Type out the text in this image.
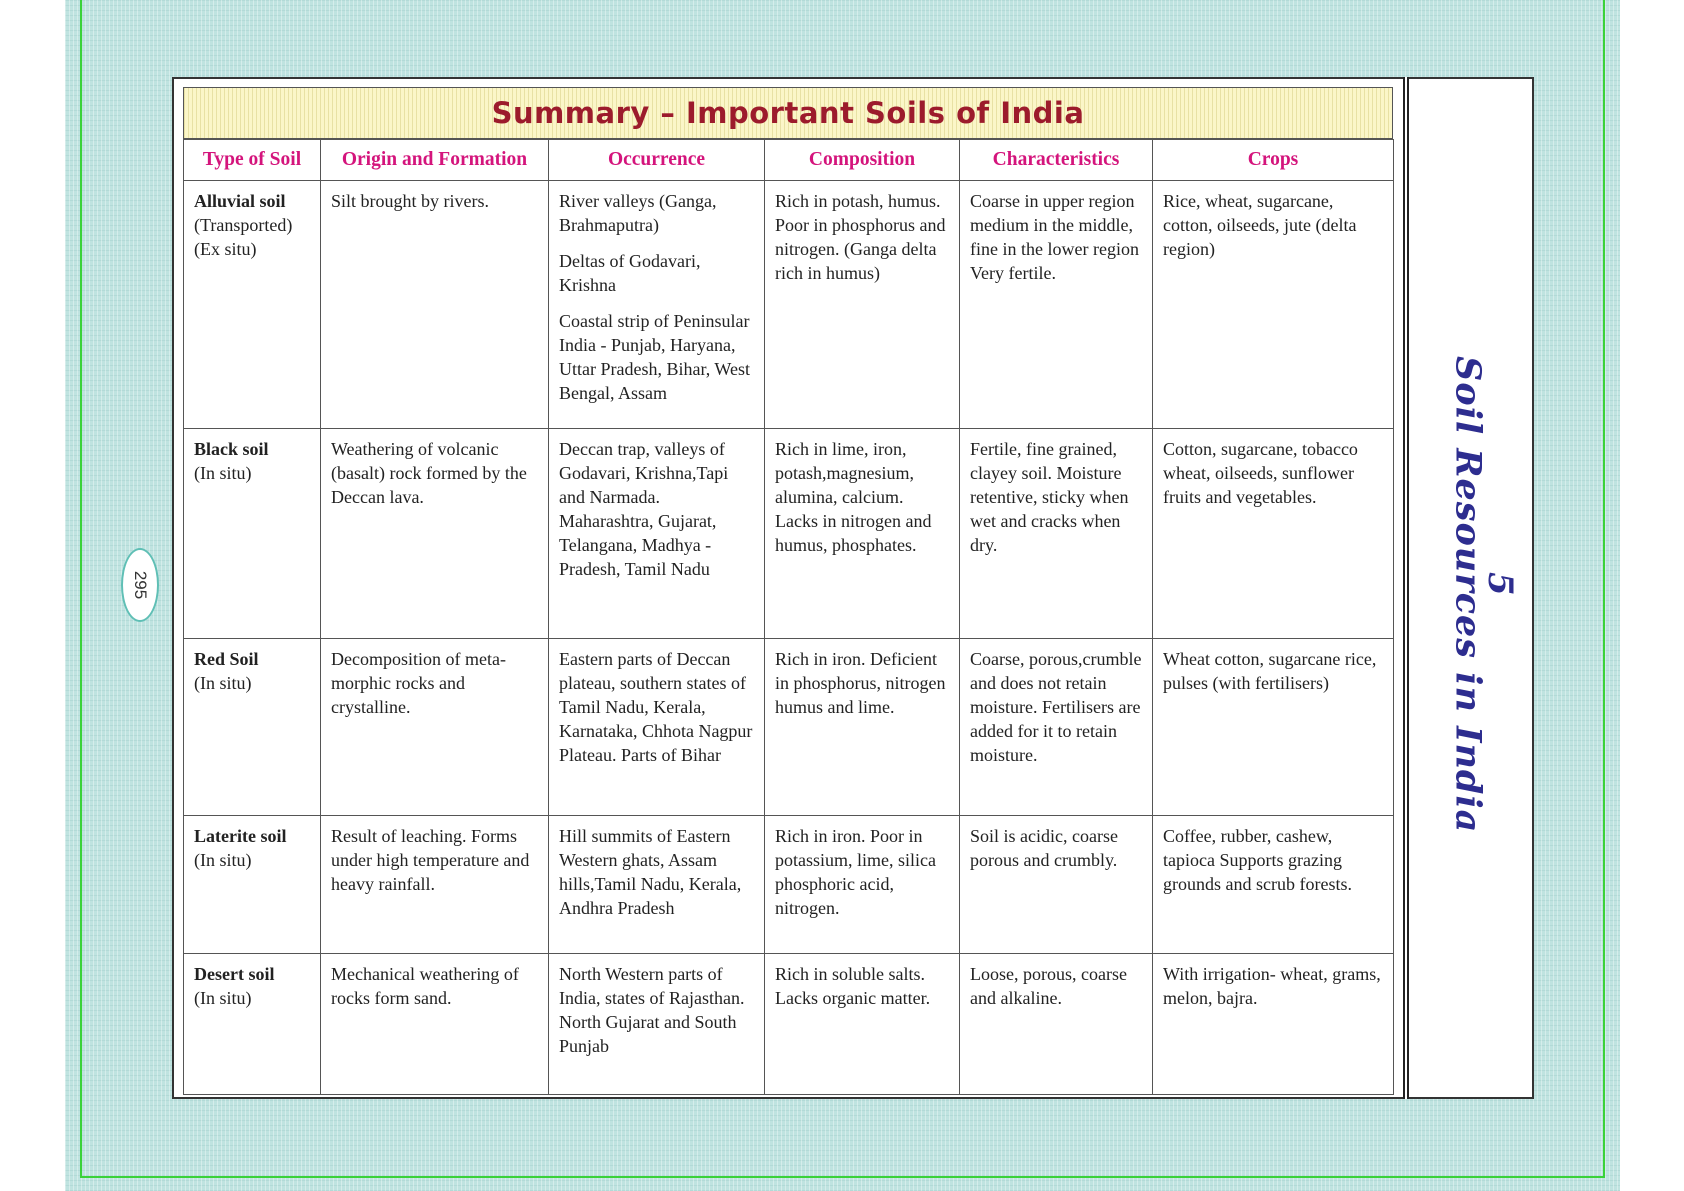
295	5
Soil Resources in India
Summary – Important Soils of India
Type of Soil	Origin and Formation	Occurrence	Composition	Characteristics	Crops

Alluvial soil
(Transported)
(Ex situ)	Silt brought by rivers.	River valleys (Ganga, Brahmaputra)
Deltas of Godavari, Krishna
Coastal strip of Peninsular India - Punjab, Haryana, Uttar Pradesh, Bihar, West Bengal, Assam	Rich in potash, humus. Poor in phosphorus and nitrogen. (Ganga delta rich in humus)	Coarse in upper region medium in the middle, fine in the lower region Very fertile.	Rice, wheat, sugarcane, cotton, oilseeds, jute (delta region)

Black soil
(In situ)	Weathering of volcanic (basalt) rock formed by the Deccan lava.	Deccan trap, valleys of Godavari, Krishna,Tapi and Narmada. Maharashtra, Gujarat, Telangana, Madhya - Pradesh, Tamil Nadu	Rich in lime, iron, potash,magnesium, alumina, calcium. Lacks in nitrogen and humus, phosphates.	Fertile, fine grained, clayey soil. Moisture retentive, sticky when wet and cracks when dry.	Cotton, sugarcane, tobacco wheat, oilseeds, sunflower fruits and vegetables.

Red Soil
(In situ)	Decomposition of meta-morphic rocks and crystalline.	Eastern parts of Deccan plateau, southern states of Tamil Nadu, Kerala, Karnataka, Chhota Nagpur Plateau. Parts of Bihar	Rich in iron. Deficient in phosphorus, nitrogen humus and lime.	Coarse, porous,crumble and does not retain moisture. Fertilisers are added for it to retain moisture.	Wheat cotton, sugarcane rice, pulses (with fertilisers)

Laterite soil
(In situ)	Result of leaching. Forms under high temperature and heavy rainfall.	Hill summits of Eastern Western ghats, Assam hills,Tamil Nadu, Kerala, Andhra Pradesh	Rich in iron. Poor in potassium, lime, silica phosphoric acid, nitrogen.	Soil is acidic, coarse porous and crumbly.	Coffee, rubber, cashew, tapioca Supports grazing grounds and scrub forests.

Desert soil
(In situ)	Mechanical weathering of rocks form sand.	North Western parts of India, states of Rajasthan. North Gujarat and South Punjab	Rich in soluble salts. Lacks organic matter.	Loose, porous, coarse and alkaline.	With irrigation- wheat, grams, melon, bajra.
